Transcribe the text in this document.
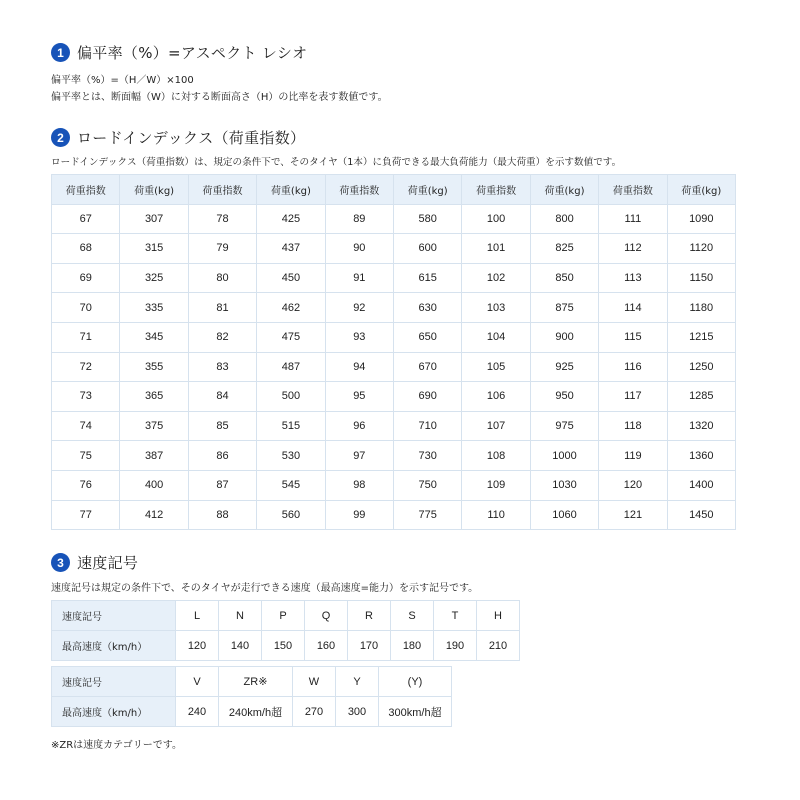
1 偏平率（%）=アスペクト レシオ
偏平率（%）=（H／W）×100
偏平率とは、断面幅（W）に対する断面高さ（H）の比率を表す数値です。
2 ロードインデックス（荷重指数）
ロードインデックス（荷重指数）は、規定の条件下で、そのタイヤ（1本）に負荷できる最大負荷能力（最大荷重）を示す数値です。
荷重指数	荷重(kg)	荷重指数	荷重(kg)	荷重指数	荷重(kg)	荷重指数	荷重(kg)	荷重指数	荷重(kg)
67	307	78	425	89	580	100	800	111	1090
68	315	79	437	90	600	101	825	112	1120
69	325	80	450	91	615	102	850	113	1150
70	335	81	462	92	630	103	875	114	1180
71	345	82	475	93	650	104	900	115	1215
72	355	83	487	94	670	105	925	116	1250
73	365	84	500	95	690	106	950	117	1285
74	375	85	515	96	710	107	975	118	1320
75	387	86	530	97	730	108	1000	119	1360
76	400	87	545	98	750	109	1030	120	1400
77	412	88	560	99	775	110	1060	121	1450
3 速度記号
速度記号は規定の条件下で、そのタイヤが走行できる速度（最高速度=能力）を示す記号です。
速度記号	L	N	P	Q	R	S	T	H
最高速度（km/h）	120	140	150	160	170	180	190	210
速度記号	V	ZR※	W	Y	(Y)
最高速度（km/h）	240	240km/h超	270	300	300km/h超
※ZRは速度カテゴリーです。
